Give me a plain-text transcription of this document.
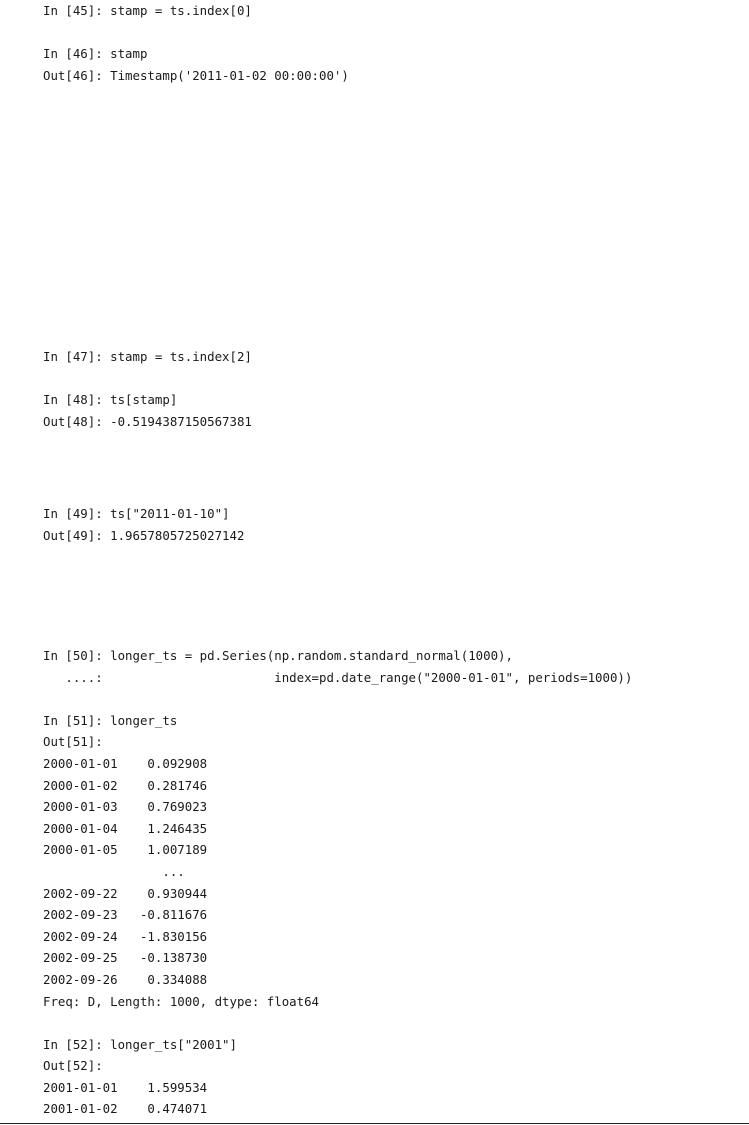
In [45]: stamp = ts.index[0]
In [46]: stamp
Out[46]: Timestamp('2011-01-02 00:00:00')
In [47]: stamp = ts.index[2]
In [48]: ts[stamp]
Out[48]: -0.5194387150567381
In [49]: ts["2011-01-10"]
Out[49]: 1.9657805725027142
In [50]: longer_ts = pd.Series(np.random.standard_normal(1000),
....:                       index=pd.date_range("2000-01-01", periods=1000))
In [51]: longer_ts
Out[51]:
2000-01-01    0.092908
2000-01-02    0.281746
2000-01-03    0.769023
2000-01-04    1.246435
2000-01-05    1.007189
...
2002-09-22    0.930944
2002-09-23   -0.811676
2002-09-24   -1.830156
2002-09-25   -0.138730
2002-09-26    0.334088
Freq: D, Length: 1000, dtype: float64
In [52]: longer_ts["2001"]
Out[52]:
2001-01-01    1.599534
2001-01-02    0.474071
